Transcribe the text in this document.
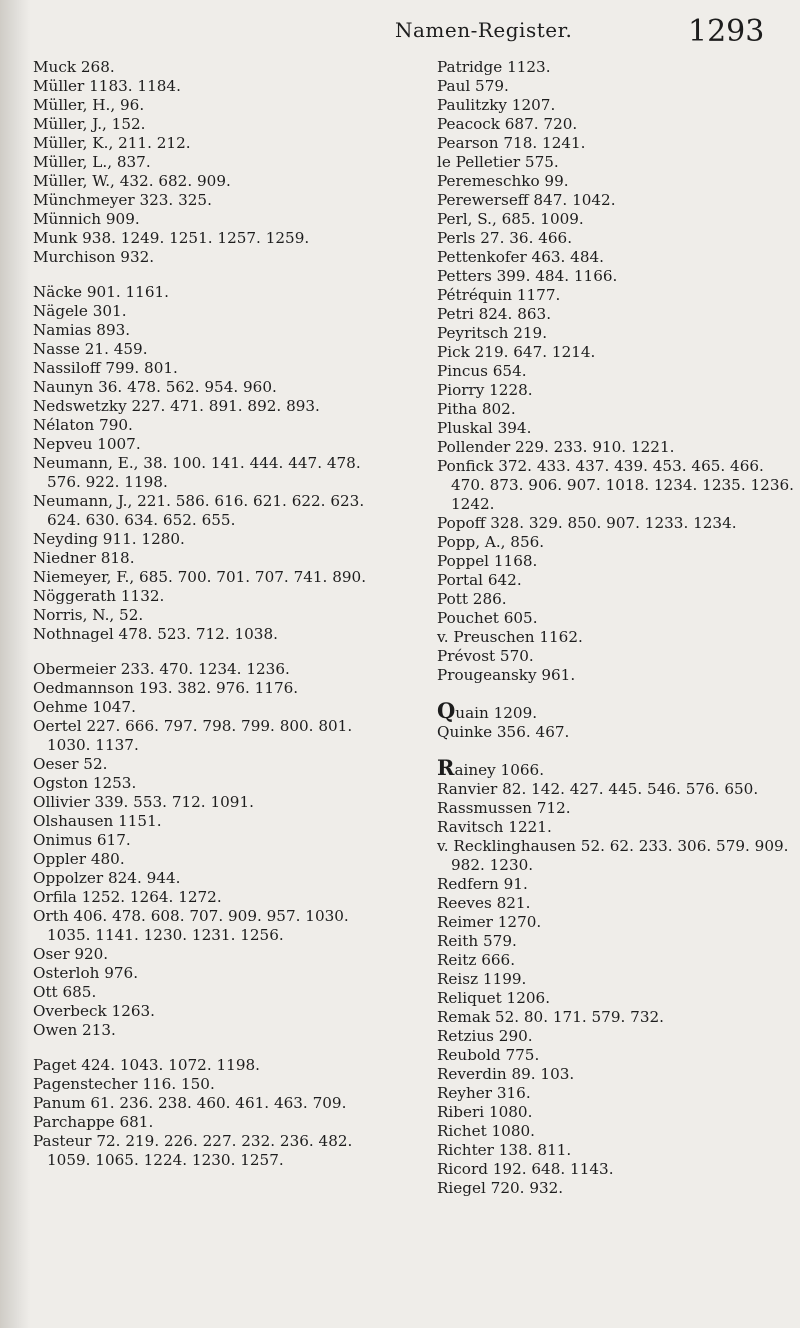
Namen-Register.	1293
Muck 268.
Müller 1183. 1184.
Müller, H., 96.
Müller, J., 152.
Müller, K., 211. 212.
Müller, L., 837.
Müller, W., 432. 682. 909.
Münchmeyer 323. 325.
Münnich 909.
Munk 938. 1249. 1251. 1257. 1259.
Murchison 932.
Näcke 901. 1161.
Nägele 301.
Namias 893.
Nasse 21. 459.
Nassiloff 799. 801.
Naunyn 36. 478. 562. 954. 960.
Nedswetzky 227. 471. 891. 892. 893.
Nélaton 790.
Nepveu 1007.
Neumann, E., 38. 100. 141. 444. 447. 478. 576. 922. 1198.
Neumann, J., 221. 586. 616. 621. 622. 623. 624. 630. 634. 652. 655.
Neyding 911. 1280.
Niedner 818.
Niemeyer, F., 685. 700. 701. 707. 741. 890.
Nöggerath 1132.
Norris, N., 52.
Nothnagel 478. 523. 712. 1038.
Obermeier 233. 470. 1234. 1236.
Oedmannson 193. 382. 976. 1176.
Oehme 1047.
Oertel 227. 666. 797. 798. 799. 800. 801. 1030. 1137.
Oeser 52.
Ogston 1253.
Ollivier 339. 553. 712. 1091.
Olshausen 1151.
Onimus 617.
Oppler 480.
Oppolzer 824. 944.
Orfila 1252. 1264. 1272.
Orth 406. 478. 608. 707. 909. 957. 1030. 1035. 1141. 1230. 1231. 1256.
Oser 920.
Osterloh 976.
Ott 685.
Overbeck 1263.
Owen 213.
Paget 424. 1043. 1072. 1198.
Pagenstecher 116. 150.
Panum 61. 236. 238. 460. 461. 463. 709.
Parchappe 681.
Pasteur 72. 219. 226. 227. 232. 236. 482. 1059. 1065. 1224. 1230. 1257.
Patridge 1123.
Paul 579.
Paulitzky 1207.
Peacock 687. 720.
Pearson 718. 1241.
le Pelletier 575.
Peremeschko 99.
Perewerseff 847. 1042.
Perl, S., 685. 1009.
Perls 27. 36. 466.
Pettenkofer 463. 484.
Petters 399. 484. 1166.
Pétréquin 1177.
Petri 824. 863.
Peyritsch 219.
Pick 219. 647. 1214.
Pincus 654.
Piorry 1228.
Pitha 802.
Pluskal 394.
Pollender 229. 233. 910. 1221.
Ponfick 372. 433. 437. 439. 453. 465. 466. 470. 873. 906. 907. 1018. 1234. 1235. 1236. 1242.
Popoff 328. 329. 850. 907. 1233. 1234.
Popp, A., 856.
Poppel 1168.
Portal 642.
Pott 286.
Pouchet 605.
v. Preuschen 1162.
Prévost 570.
Prougeansky 961.
Quain 1209.
Quinke 356. 467.
Rainey 1066.
Ranvier 82. 142. 427. 445. 546. 576. 650.
Rassmussen 712.
Ravitsch 1221.
v. Recklinghausen 52. 62. 233. 306. 579. 909. 982. 1230.
Redfern 91.
Reeves 821.
Reimer 1270.
Reith 579.
Reitz 666.
Reisz 1199.
Reliquet 1206.
Remak 52. 80. 171. 579. 732.
Retzius 290.
Reubold 775.
Reverdin 89. 103.
Reyher 316.
Riberi 1080.
Richet 1080.
Richter 138. 811.
Ricord 192. 648. 1143.
Riegel 720. 932.
